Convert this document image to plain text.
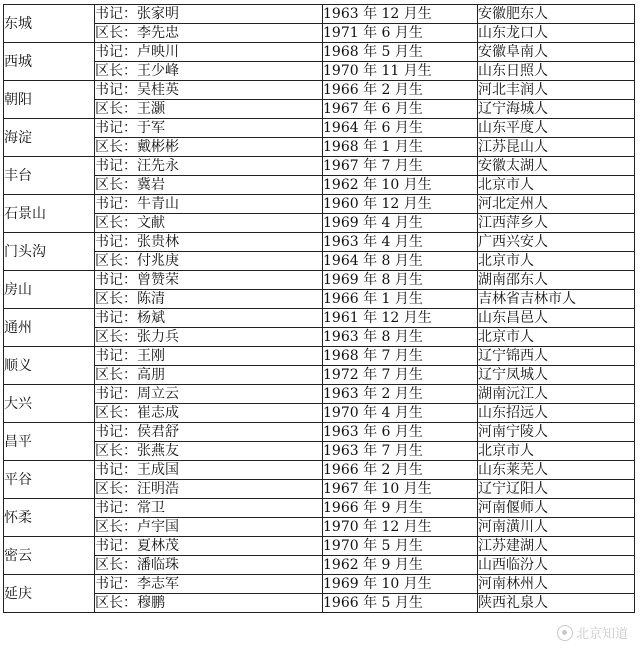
东城	书记：张家明	1963 年 12 月生	安徽肥东人
	区长：李先忠	1971 年 6 月生	山东龙口人
西城	书记：卢映川	1968 年 5 月生	安徽阜南人
	区长：王少峰	1970 年 11 月生	山东日照人
朝阳	书记：吴桂英	1966 年 2 月生	河北丰润人
	区长：王灏	1967 年 6 月生	辽宁海城人
海淀	书记：于军	1964 年 6 月生	山东平度人
	区长：戴彬彬	1968 年 1 月生	江苏昆山人
丰台	书记：汪先永	1967 年 7 月生	安徽太湖人
	区长：冀岩	1962 年 10 月生	北京市人
石景山	书记：牛青山	1960 年 12 月生	河北定州人
	区长：文献	1969 年 4 月生	江西萍乡人
门头沟	书记：张贵林	1963 年 4 月生	广西兴安人
	区长：付兆庚	1964 年 8 月生	北京市人
房山	书记：曾赞荣	1969 年 8 月生	湖南邵东人
	区长：陈清	1966 年 1 月生	吉林省吉林市人
通州	书记：杨斌	1961 年 12 月生	山东昌邑人
	区长：张力兵	1963 年 8 月生	北京市人
顺义	书记：王刚	1968 年 7 月生	辽宁锦西人
	区长：高朋	1972 年 7 月生	辽宁凤城人
大兴	书记：周立云	1963 年 2 月生	湖南沅江人
	区长：崔志成	1970 年 4 月生	山东招远人
昌平	书记：侯君舒	1963 年 6 月生	河南宁陵人
	区长：张燕友	1963 年 7 月生	北京市人
平谷	书记：王成国	1966 年 2 月生	山东莱芜人
	区长：汪明浩	1967 年 10 月生	辽宁辽阳人
怀柔	书记：常卫	1966 年 9 月生	河南偃师人
	区长：卢宇国	1970 年 12 月生	河南潢川人
密云	书记：夏林茂	1970 年 5 月生	江苏建湖人
	区长：潘临珠	1962 年 9 月生	山西临汾人
延庆	书记：李志军	1969 年 10 月生	河南林州人
	区长：穆鹏	1966 年 5 月生	陕西礼泉人
北京知道
